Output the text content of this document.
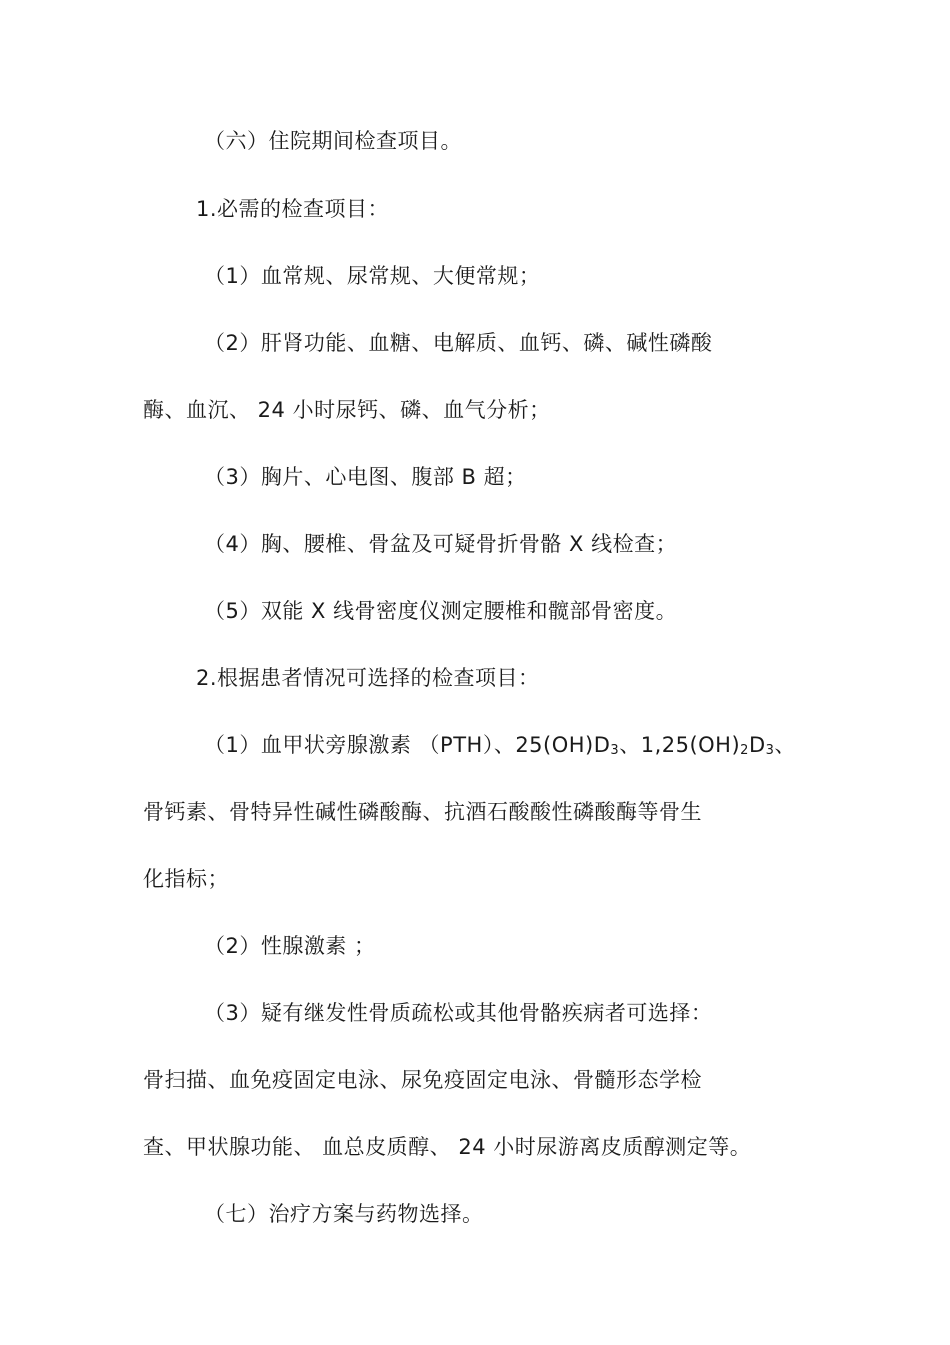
（六）住院期间检查项目。
1.必需的检查项目：
（1）血常规、尿常规、大便常规；
（2）肝肾功能、血糖、电解质、血钙、磷、碱性磷酸
酶、血沉、 24 小时尿钙、磷、血气分析；
（3）胸片、心电图、腹部 B 超；
（4）胸、腰椎、骨盆及可疑骨折骨骼 X 线检查；
（5）双能 X 线骨密度仪测定腰椎和髋部骨密度。
2.根据患者情况可选择的检查项目：
（1）血甲状旁腺激素 （PTH）、$25(OH)D_3$、$1,25(OH)_2D_3$、
骨钙素、骨特异性碱性磷酸酶、抗酒石酸酸性磷酸酶等骨生
化指标；
（2）性腺激素 ；
（3）疑有继发性骨质疏松或其他骨骼疾病者可选择：
骨扫描、血免疫固定电泳、尿免疫固定电泳、骨髓形态学检
查、甲状腺功能、 血总皮质醇、 24 小时尿游离皮质醇测定等。
（七）治疗方案与药物选择。
